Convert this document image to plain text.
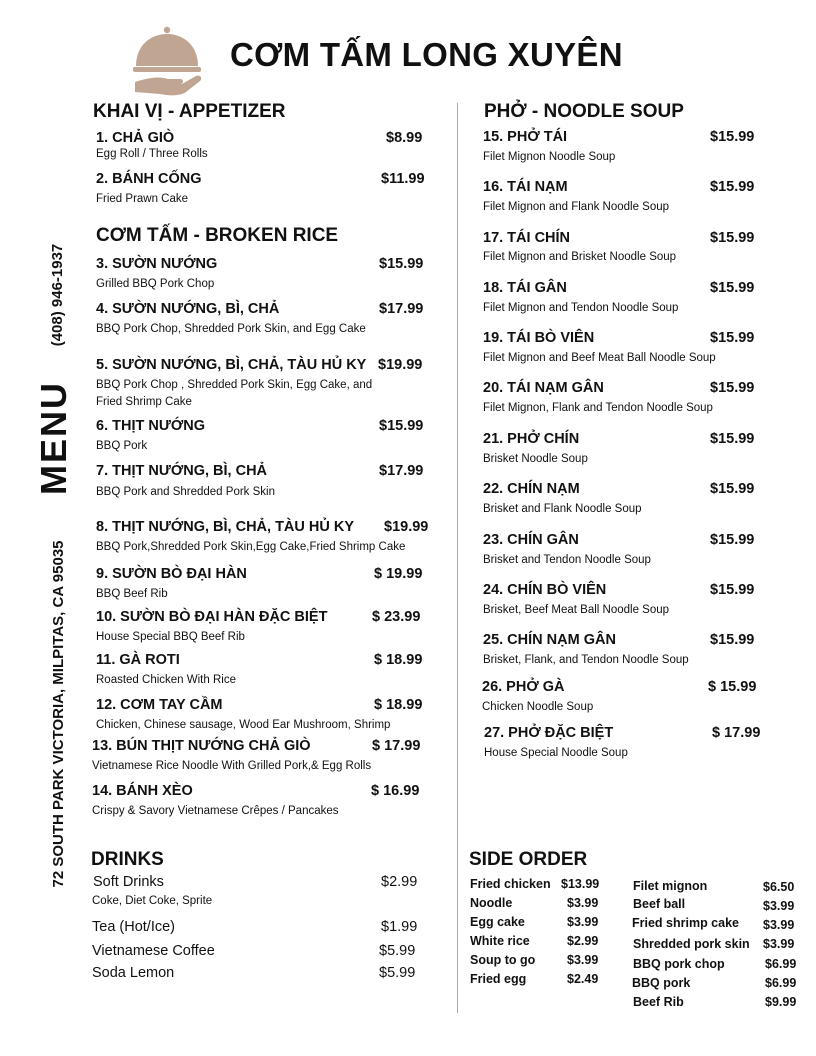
CƠM TẤM LONG XUYÊN
MENU
(408) 946-1937
72 SOUTH PARK VICTORIA, MILPITAS, CA 95035
KHAI VỊ - APPETIZER
1. CHẢ GIÒ	$8.99
Egg Roll / Three Rolls
2. BÁNH CỐNG	$11.99
Fried Prawn Cake
CƠM TẤM - BROKEN RICE
3. SƯỜN NƯỚNG	$15.99
Grilled BBQ Pork Chop
4. SƯỜN NƯỚNG, BÌ, CHẢ	$17.99
BBQ Pork Chop, Shredded Pork Skin, and Egg Cake
5. SƯỜN NƯỚNG, BÌ, CHẢ, TÀU HỦ KY $19.99
BBQ Pork Chop , Shredded Pork Skin, Egg Cake, and
Fried Shrimp Cake
6. THỊT NƯỚNG	$15.99
BBQ Pork
7. THỊT NƯỚNG, BÌ, CHẢ	$17.99
BBQ Pork and Shredded Pork Skin
8. THỊT NƯỚNG, BÌ, CHẢ, TÀU HỦ KY $19.99
BBQ Pork,Shredded Pork Skin,Egg Cake,Fried Shrimp Cake
9. SƯỜN BÒ ĐẠI HÀN	$ 19.99
BBQ Beef Rib
10. SƯỜN BÒ ĐẠI HÀN ĐẶC BIỆT	$ 23.99
House Special BBQ Beef Rib
11. GÀ ROTI	$ 18.99
Roasted Chicken With Rice
12. CƠM TAY CẦM	$ 18.99
Chicken, Chinese sausage, Wood Ear Mushroom, Shrimp
13. BÚN THỊT NƯỚNG CHẢ GIÒ	$ 17.99
Vietnamese Rice Noodle With Grilled Pork,& Egg Rolls
14. BÁNH XÈO	$ 16.99
Crispy & Savory Vietnamese Crêpes / Pancakes
PHỞ - NOODLE SOUP
15. PHỞ TÁI	$15.99
Filet Mignon Noodle Soup
16. TÁI NẠM	$15.99
Filet Mignon and Flank Noodle Soup
17. TÁI CHÍN	$15.99
Filet Mignon and Brisket Noodle Soup
18. TÁI GÂN	$15.99
Filet Mignon and Tendon Noodle Soup
19. TÁI BÒ VIÊN	$15.99
Filet Mignon and Beef Meat Ball Noodle Soup
20. TÁI NẠM GÂN	$15.99
Filet Mignon, Flank and Tendon Noodle Soup
21. PHỞ CHÍN	$15.99
Brisket Noodle Soup
22. CHÍN NẠM	$15.99
Brisket and Flank Noodle Soup
23. CHÍN GÂN	$15.99
Brisket and Tendon Noodle Soup
24. CHÍN BÒ VIÊN	$15.99
Brisket, Beef Meat Ball Noodle Soup
25. CHÍN NẠM GÂN	$15.99
Brisket, Flank, and Tendon Noodle Soup
26. PHỞ GÀ	$ 15.99
Chicken Noodle Soup
27. PHỞ ĐẶC BIỆT	$ 17.99
House Special Noodle Soup
DRINKS
Soft Drinks	$2.99
Coke, Diet Coke, Sprite
Tea (Hot/Ice)	$1.99
Vietnamese Coffee	$5.99
Soda Lemon	$5.99
SIDE ORDER
Fried chicken $13.99
Noodle	$3.99
Egg cake	$3.99
White rice	$2.99
Soup to go	$3.99
Fried egg	$2.49
Filet mignon	$6.50
Beef ball	$3.99
Fried shrimp cake $3.99
Shredded pork skin $3.99
BBQ pork chop	$6.99
BBQ pork	$6.99
Beef Rib	$9.99
